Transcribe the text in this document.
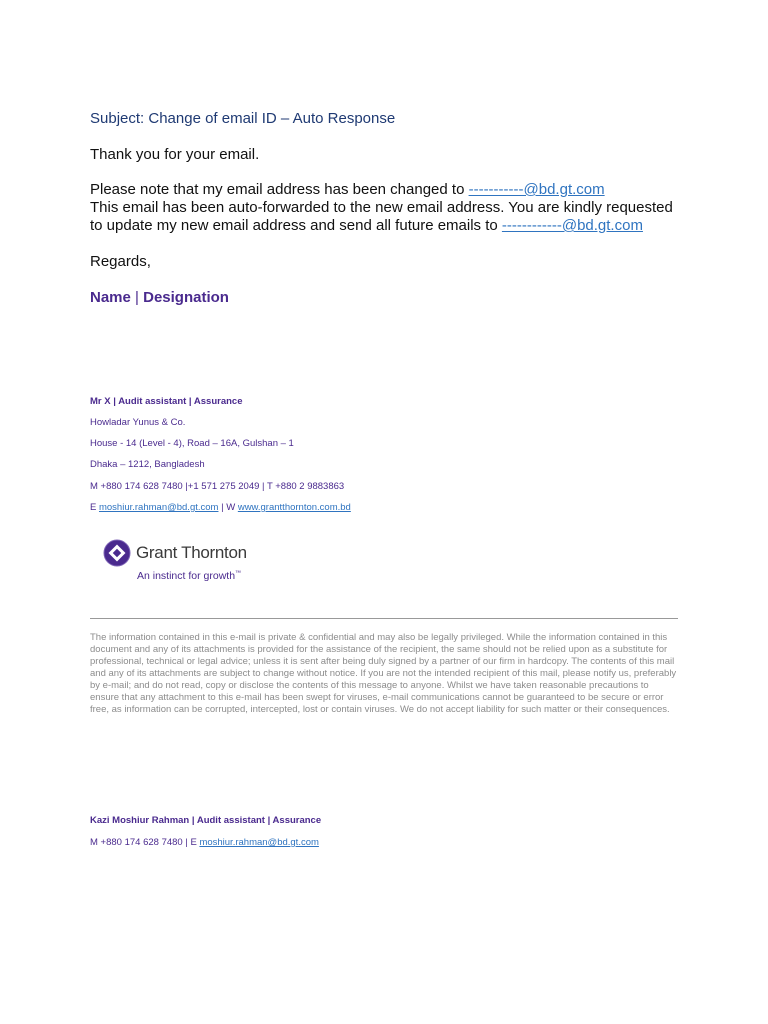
Subject: Change of email ID – Auto Response
Thank you for your email.
Please note that my email address has been changed to -----------@bd.gt.com
This email has been auto-forwarded to the new email address. You are kindly requested
to update my new email address and send all future emails to ------------@bd.gt.com
Regards,
Name | Designation
Mr X | Audit assistant | Assurance
Howladar Yunus & Co.
House - 14 (Level - 4), Road – 16A, Gulshan – 1
Dhaka – 1212, Bangladesh
M +880 174 628 7480 |+1 571 275 2049 | T +880 2 9883863
E moshiur.rahman@bd.gt.com | W www.grantthornton.com.bd
Grant Thornton
An instinct for growth™
The information contained in this e-mail is private & confidential and may also be legally privileged. While the information contained in this document and any of its attachments is provided for the assistance of the recipient, the same should not be relied upon as a substitute for professional, technical or legal advice; unless it is sent after being duly signed by a partner of our firm in hardcopy. The contents of this mail and any of its attachments are subject to change without notice. If you are not the intended recipient of this mail, please notify us, preferably by e-mail; and do not read, copy or disclose the contents of this message to anyone. Whilst we have taken reasonable precautions to ensure that any attachment to this e-mail has been swept for viruses, e-mail communications cannot be guaranteed to be secure or error free, as information can be corrupted, intercepted, lost or contain viruses. We do not accept liability for such matter or their consequences.
Kazi Moshiur Rahman | Audit assistant | Assurance
M +880 174 628 7480 | E moshiur.rahman@bd.gt.com
